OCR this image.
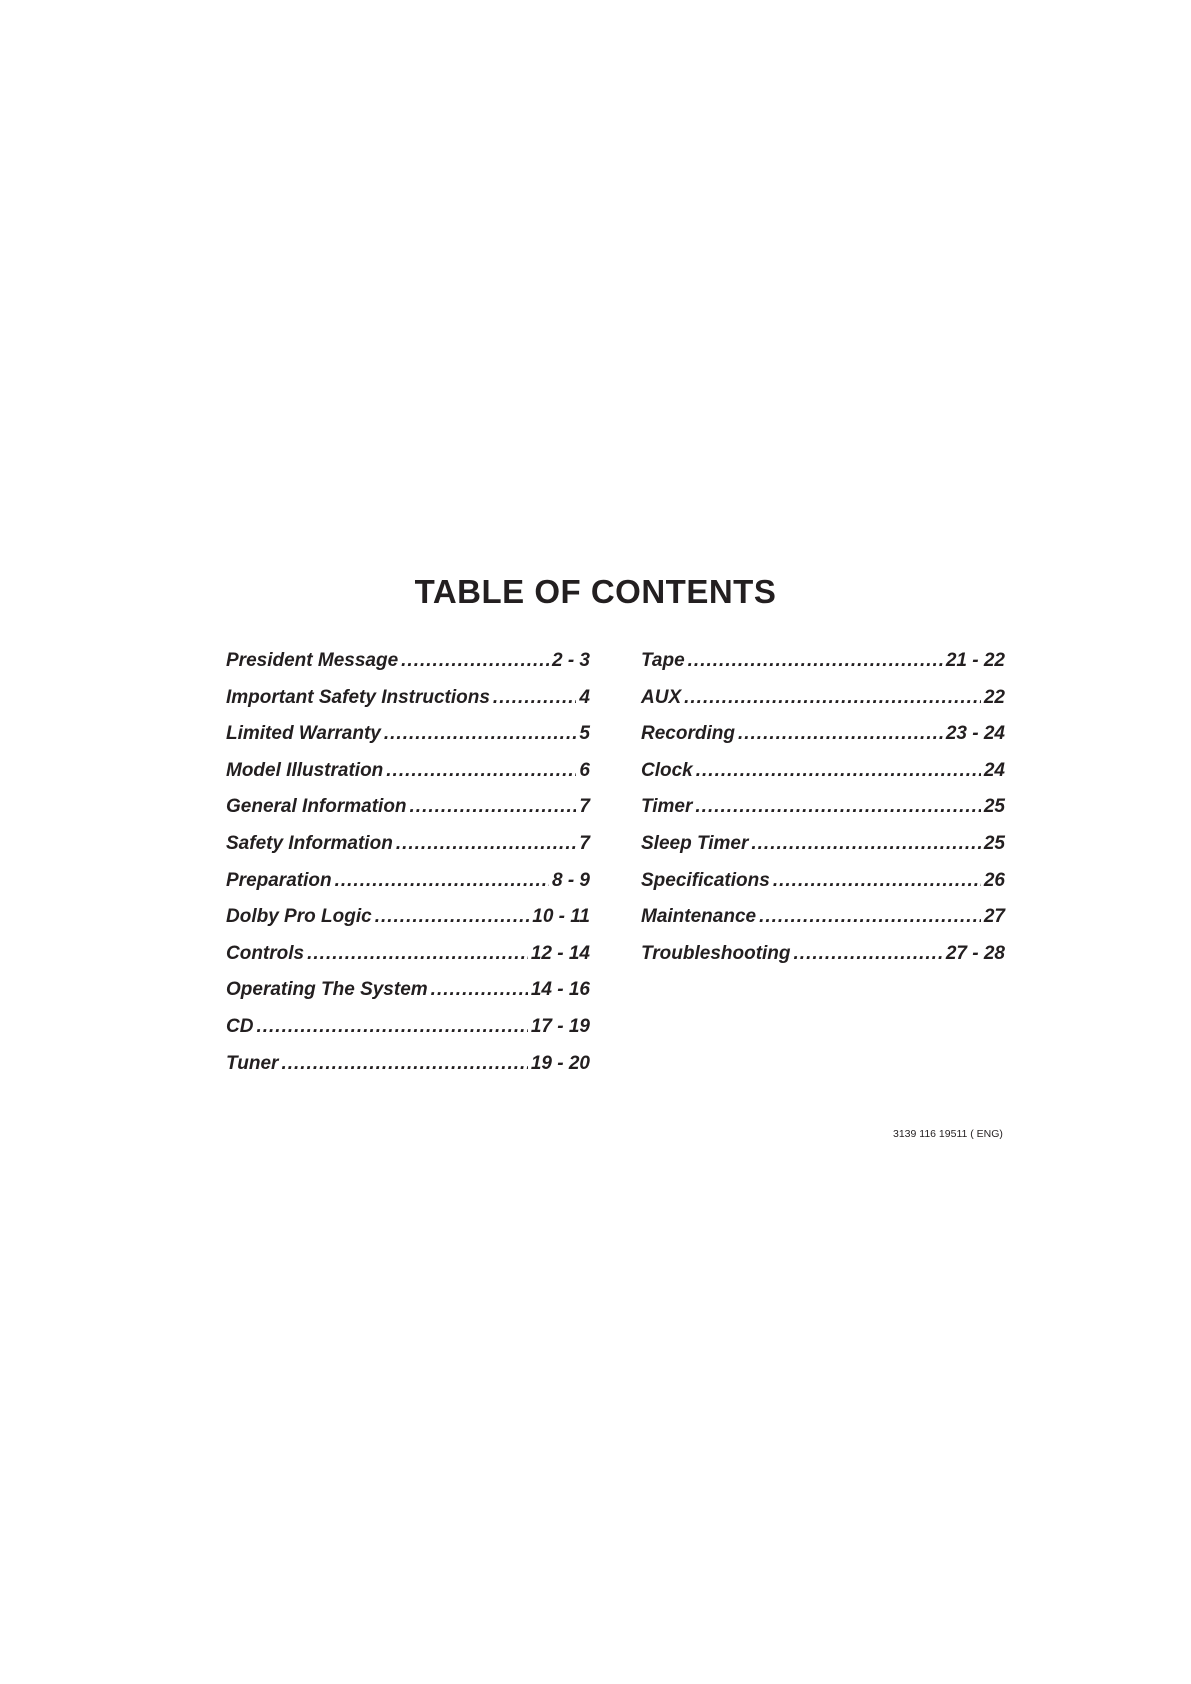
TABLE OF CONTENTS
President Message .....	2 - 3
Important Safety Instructions .....	4
Limited Warranty .....	5
Model Illustration .....	6
General Information .....	7
Safety Information .....	7
Preparation .....	8 - 9
Dolby Pro Logic .....	10 - 11
Controls .....	12 - 14
Operating The System .....	14 - 16
CD .....	17 - 19
Tuner .....	19 - 20
Tape .....	21 - 22
AUX .....	22
Recording .....	23 - 24
Clock .....	24
Timer .....	25
Sleep Timer .....	25
Specifications .....	26
Maintenance .....	27
Troubleshooting .....	27 - 28
3139 116 19511 ( ENG)
